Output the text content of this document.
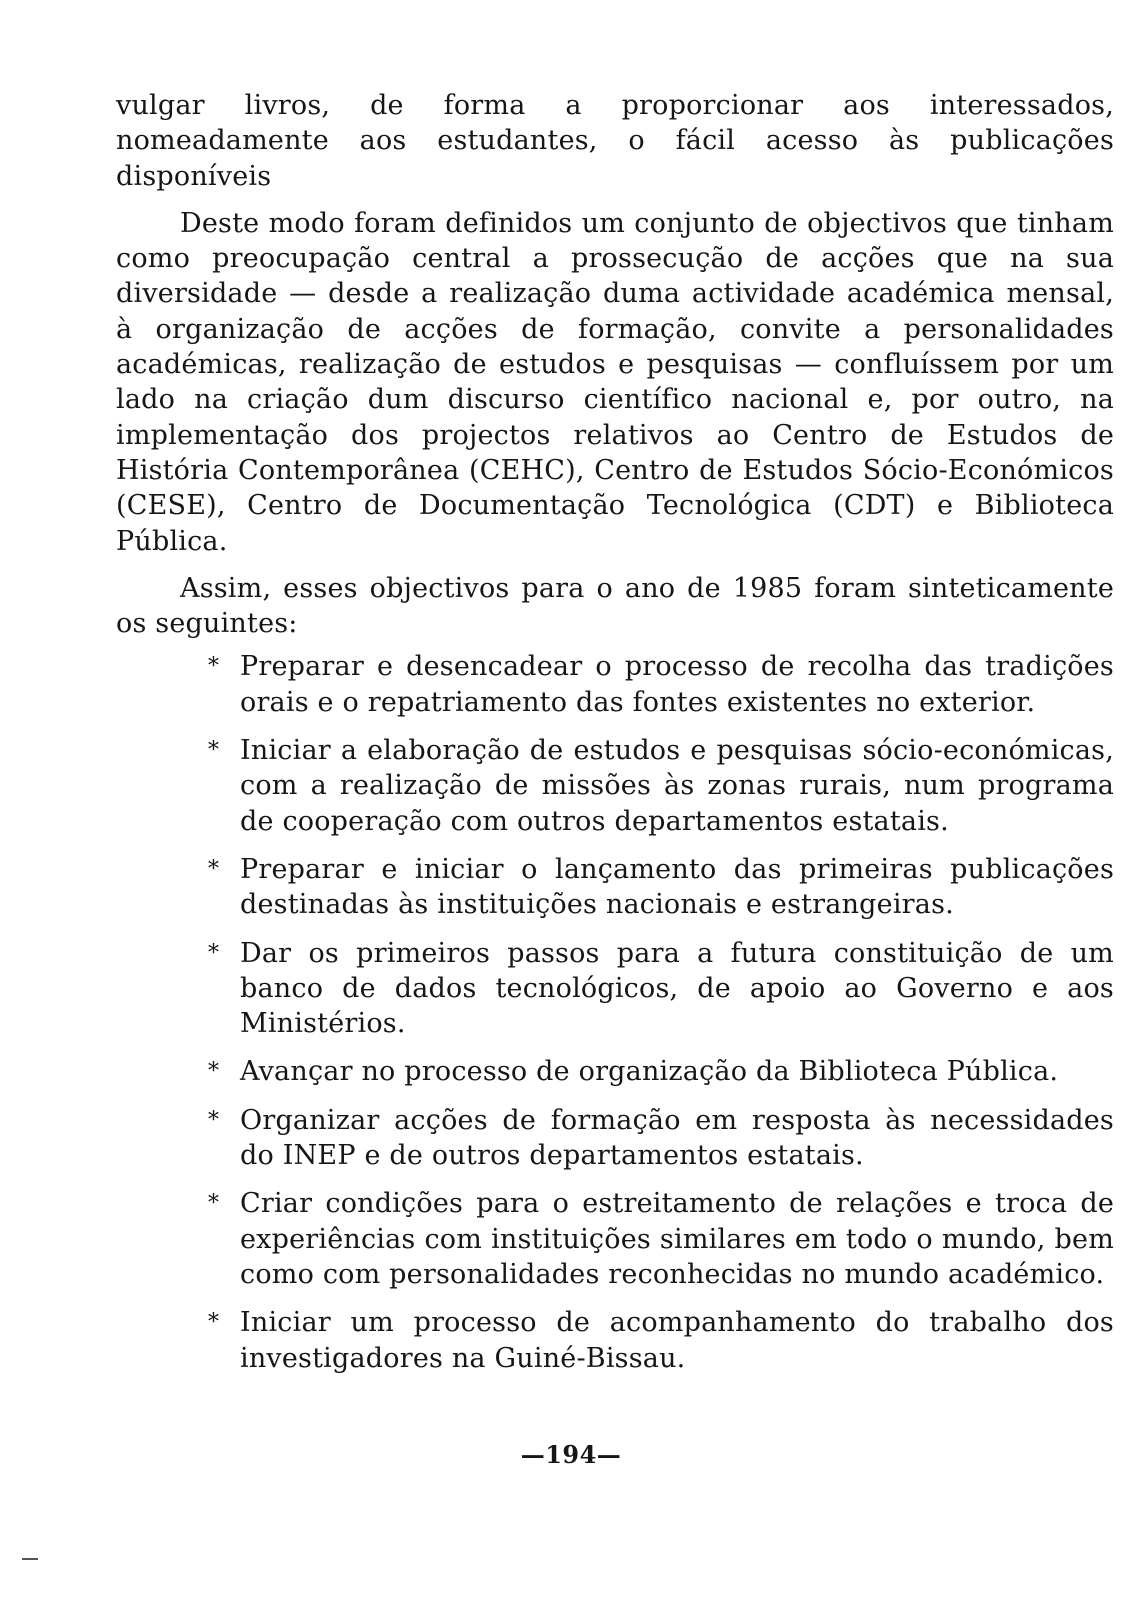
vulgar livros, de forma a proporcionar aos interessados, nomeadamente aos estudantes, o fácil acesso às publicações disponíveis

Deste modo foram definidos um conjunto de objectivos que tinham como preocupação central a prossecução de acções que na sua diversidade — desde a realização duma actividade académica mensal, à organização de acções de formação, convite a personalidades académicas, realização de estudos e pesquisas — confluíssem por um lado na criação dum discurso científico nacional e, por outro, na implementação dos projectos relativos ao Centro de Estudos de História Contemporânea (CEHC), Centro de Estudos Sócio-Económicos (CESE), Centro de Documentação Tecnológica (CDT) e Biblioteca Pública.

Assim, esses objectivos para o ano de 1985 foram sinteticamente os seguintes:

* Preparar e desencadear o processo de recolha das tradições orais e o repatriamento das fontes existentes no exterior.
* Iniciar a elaboração de estudos e pesquisas sócio-económicas, com a realização de missões às zonas rurais, num programa de cooperação com outros departamentos estatais.
* Preparar e iniciar o lançamento das primeiras publicações destinadas às instituições nacionais e estrangeiras.
* Dar os primeiros passos para a futura constituição de um banco de dados tecnológicos, de apoio ao Governo e aos Ministérios.
* Avançar no processo de organização da Biblioteca Pública.
* Organizar acções de formação em resposta às necessidades do INEP e de outros departamentos estatais.
* Criar condições para o estreitamento de relações e troca de experiências com instituições similares em todo o mundo, bem como com personalidades reconhecidas no mundo académico.
* Iniciar um processo de acompanhamento do trabalho dos investigadores na Guiné-Bissau.
—194—
